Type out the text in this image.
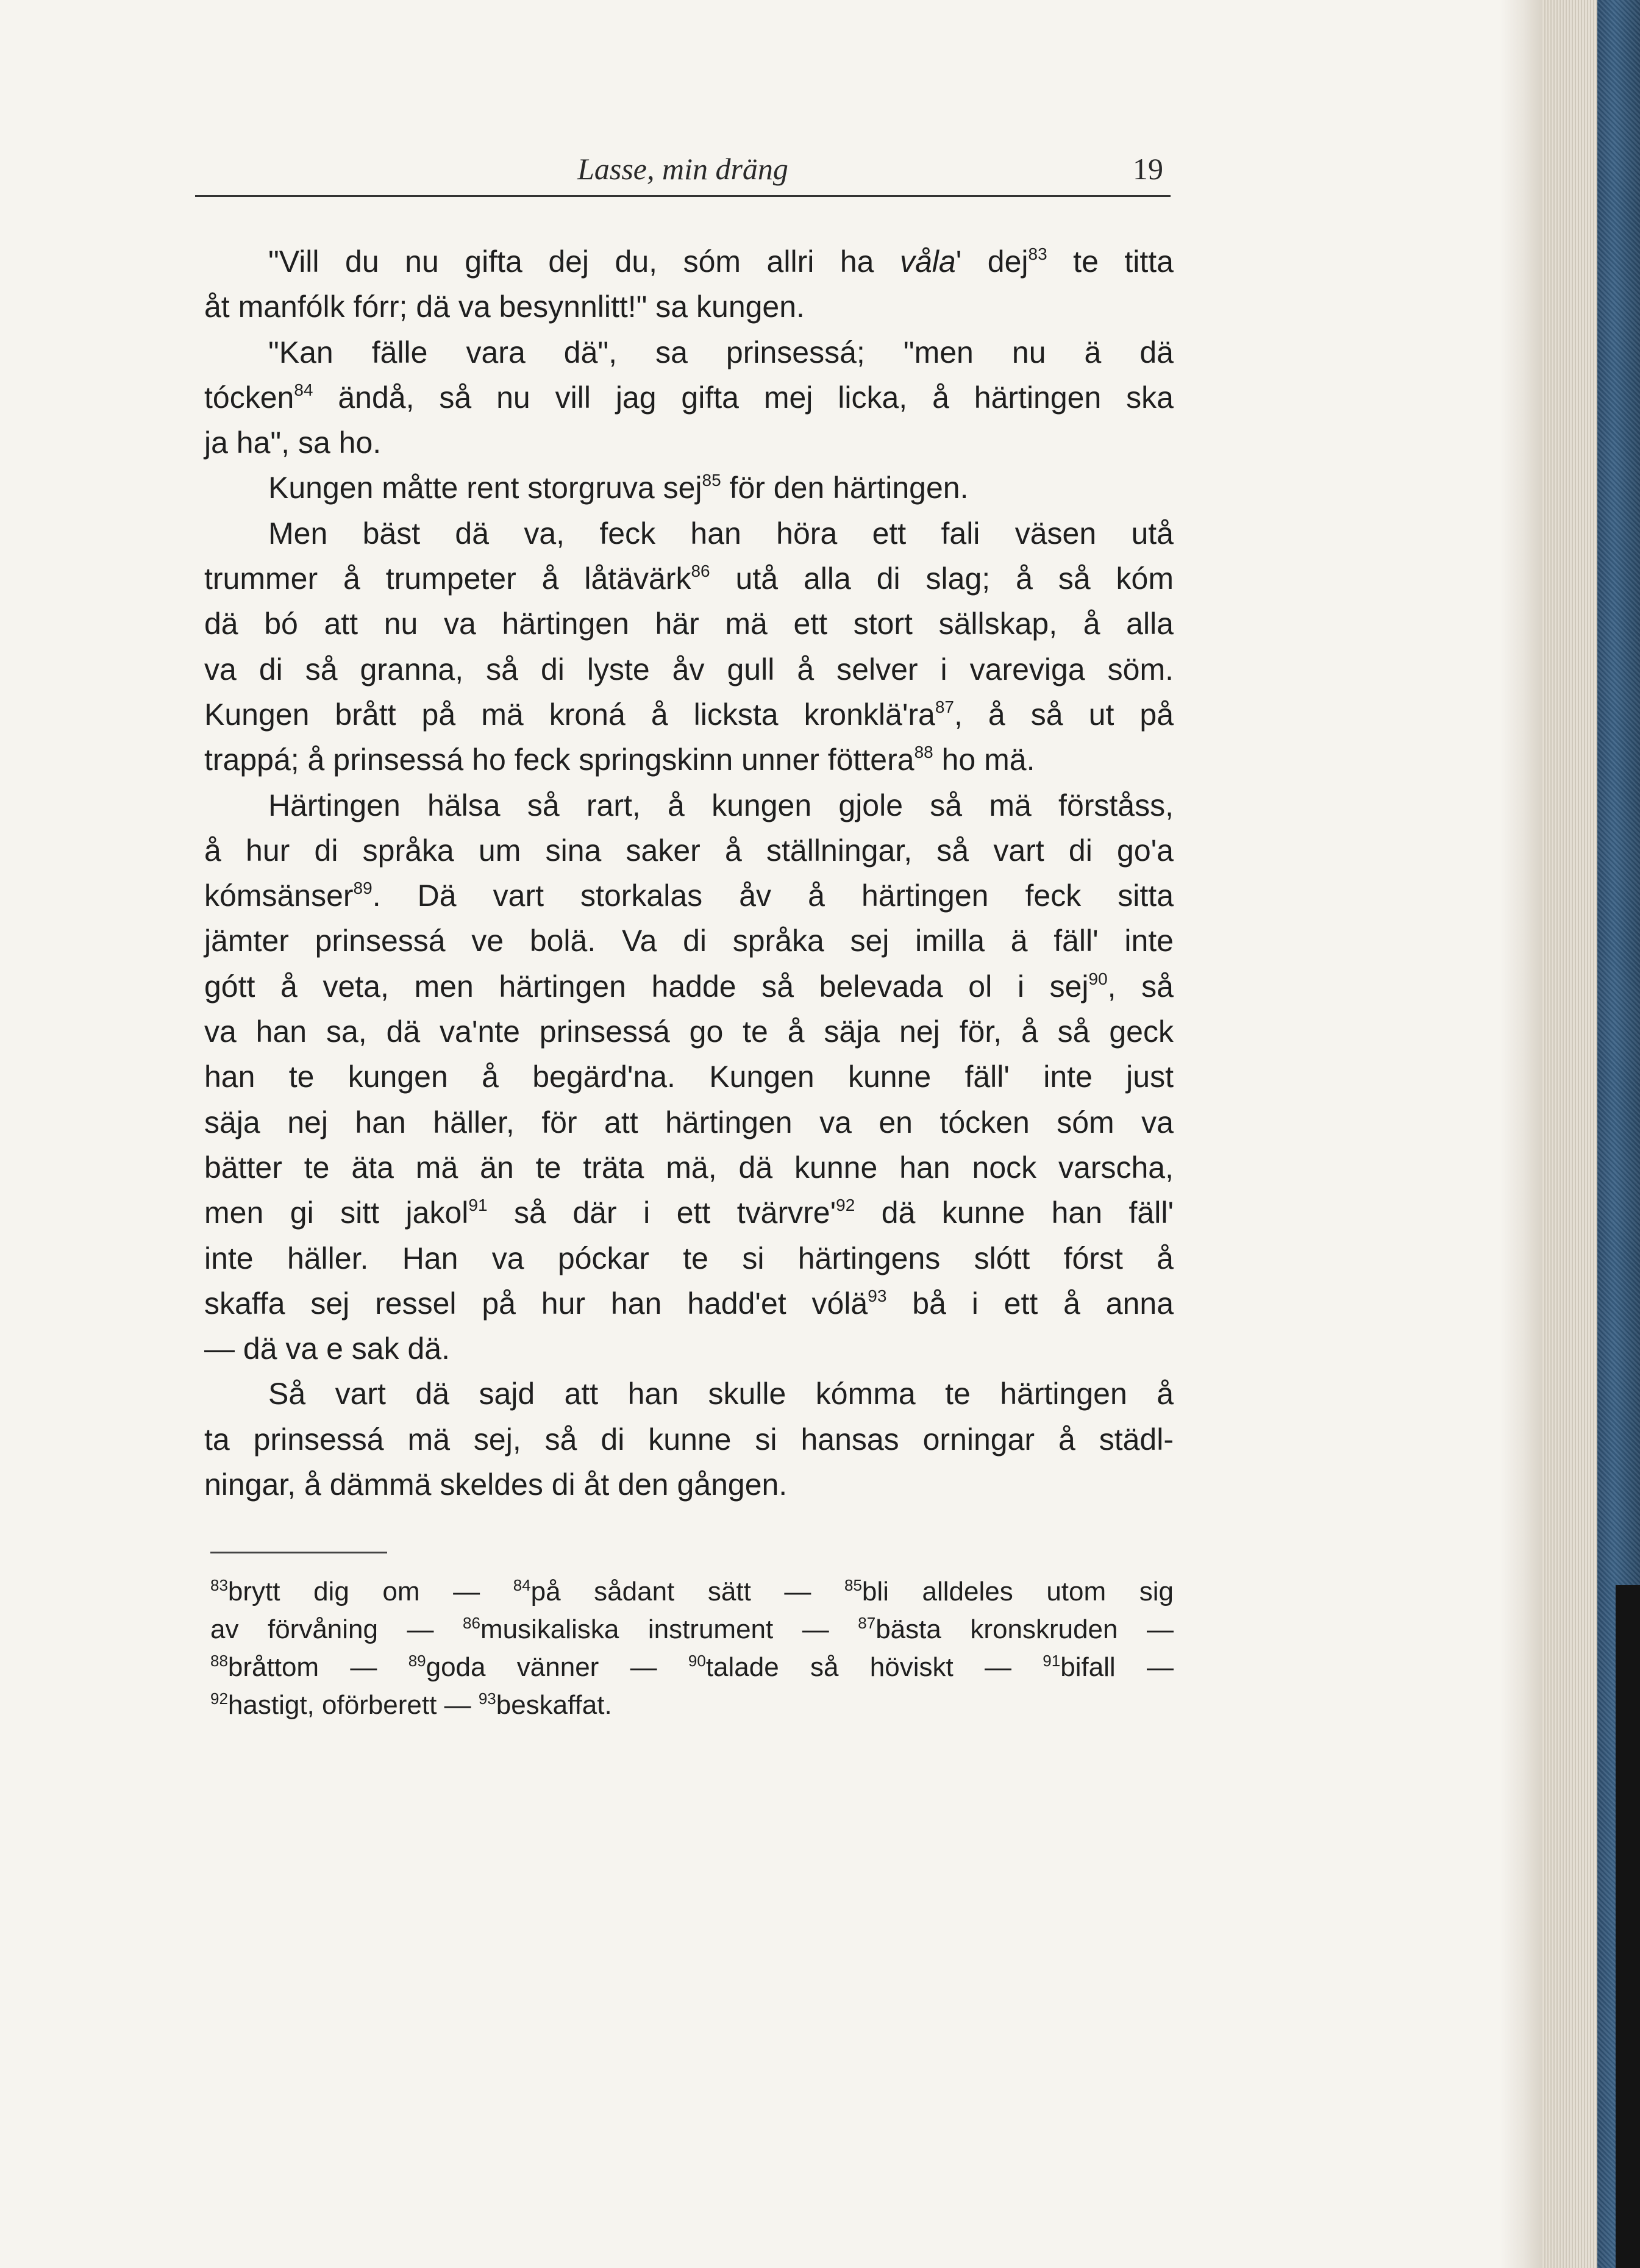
Lasse, min dräng	19
"Vill du nu gifta dej du, sóm allri ha våla' dej$^{83}$ te titta
åt manfólk fórr; dä va besynnlitt!" sa kungen.
"Kan fälle vara dä", sa prinsessá; "men nu ä dä
tócken$^{84}$ ändå, så nu vill jag gifta mej licka, å härtingen ska
ja ha", sa ho.
Kungen måtte rent storgruva sej$^{85}$ för den härtingen.
Men bäst dä va, feck han höra ett fali väsen utå
trummer å trumpeter å låtävärk$^{86}$ utå alla di slag; å så kóm
dä bó att nu va härtingen här mä ett stort sällskap, å alla
va di så granna, så di lyste åv gull å selver i vareviga söm.
Kungen brått på mä kroná å licksta $kronklä'ra^{87}$, å så ut på
trappá; å prinsessá ho feck springskinn unner föttera$^{88}$ ho mä.
Härtingen hälsa så rart, å kungen gjole så mä förståss,
å hur di språka um sina saker å ställningar, så vart di go'a
kómsänser$^{89}$. Dä vart storkalas åv å härtingen feck sitta
jämter prinsessá ve bolä. Va di språka sej imilla ä fäll' inte
gótt å veta, men härtingen hadde så belevada ol i sej$^{90}$, så
va han sa, dä va'nte prinsessá go te å säja nej för, å så geck
han te kungen å begärd'na. Kungen kunne fäll' inte just
säja nej han häller, för att härtingen va en tócken sóm va
bätter te äta mä än te träta mä, dä kunne han nock varscha,
men gi sitt jakol$^{91}$ så där i ett $tvärvre'^{92}$ dä kunne han fäll'
inte häller. Han va póckar te si härtingens slótt fórst å
skaffa sej ressel på hur han hadd'et vólä$^{93}$ bå i ett å anna
— dä va e sak dä.
Så vart dä sajd att han skulle kómma te härtingen å
ta prinsessá mä sej, så di kunne si hansas orningar å städl-
ningar, å dämmä skeldes di åt den gången.
$^{83}$brytt dig om — $^{84}$på sådant sätt — $^{85}$bli alldeles utom sig
av förvåning — $^{86}$musikaliska instrument — $^{87}$bästa kronskruden —
$^{88}$bråttom — $^{89}$goda vänner — $^{90}$talade så höviskt — $^{91}$bifall —
$^{92}$hastigt, oförberett — $^{93}$beskaffat.
